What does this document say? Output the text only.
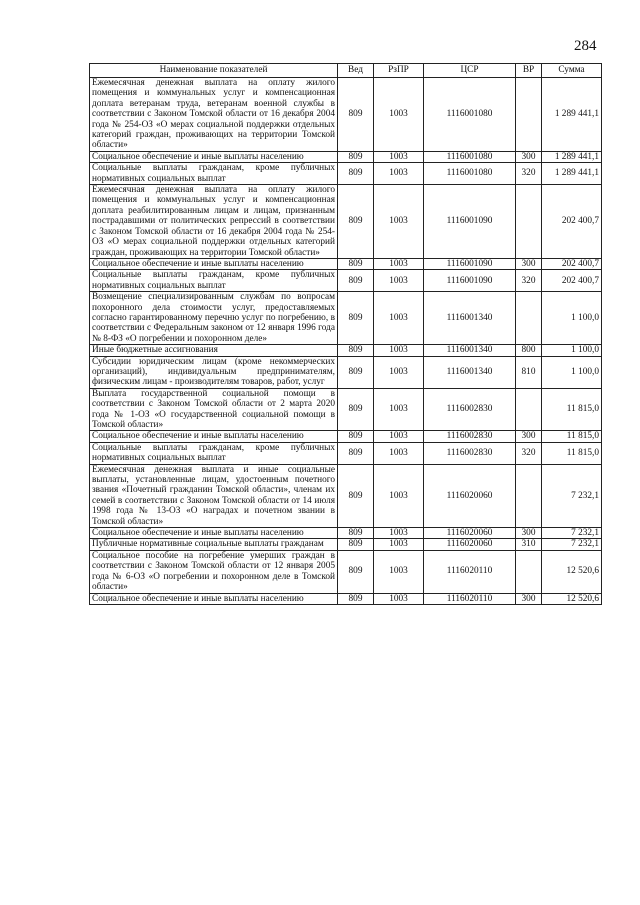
284
Наименование показателей	Вед	РзПР	ЦСР	ВР	Сумма
Ежемесячная денежная выплата на оплату жилого помещения и коммунальных услуг и компенсационная доплата ветеранам труда, ветеранам военной службы в соответствии с Законом Томской области от 16 декабря 2004 года № 254-ОЗ «О мерах социальной поддержки отдельных категорий граждан, проживающих на территории Томской области»	809	1003	1116001080		1 289 441,1
Социальное обеспечение и иные выплаты населению	809	1003	1116001080	300	1 289 441,1
Социальные выплаты гражданам, кроме публичных нормативных социальных выплат	809	1003	1116001080	320	1 289 441,1
Ежемесячная денежная выплата на оплату жилого помещения и коммунальных услуг и компенсационная доплата реабилитированным лицам и лицам, признанным пострадавшими от политических репрессий в соответствии с Законом Томской области от 16 декабря 2004 года № 254-ОЗ «О мерах социальной поддержки отдельных категорий граждан, проживающих на территории Томской области»	809	1003	1116001090		202 400,7
Социальное обеспечение и иные выплаты населению	809	1003	1116001090	300	202 400,7
Социальные выплаты гражданам, кроме публичных нормативных социальных выплат	809	1003	1116001090	320	202 400,7
Возмещение специализированным службам по вопросам похоронного дела стоимости услуг, предоставляемых согласно гарантированному перечню услуг по погребению, в соответствии с Федеральным законом от 12 января 1996 года № 8-ФЗ «О погребении и похоронном деле»	809	1003	1116001340		1 100,0
Иные бюджетные ассигнования	809	1003	1116001340	800	1 100,0
Субсидии юридическим лицам (кроме некоммерческих организаций), индивидуальным предпринимателям, физическим лицам - производителям товаров, работ, услуг	809	1003	1116001340	810	1 100,0
Выплата государственной социальной помощи в соответствии с Законом Томской области от 2 марта 2020 года № 1-ОЗ «О государственной социальной помощи в Томской области»	809	1003	1116002830		11 815,0
Социальное обеспечение и иные выплаты населению	809	1003	1116002830	300	11 815,0
Социальные выплаты гражданам, кроме публичных нормативных социальных выплат	809	1003	1116002830	320	11 815,0
Ежемесячная денежная выплата и иные социальные выплаты, установленные лицам, удостоенным почетного звания «Почетный гражданин Томской области», членам их семей в соответствии с Законом Томской области от 14 июля 1998 года № 13-ОЗ «О наградах и почетном звании в Томской области»	809	1003	1116020060		7 232,1
Социальное обеспечение и иные выплаты населению	809	1003	1116020060	300	7 232,1
Публичные нормативные социальные выплаты гражданам	809	1003	1116020060	310	7 232,1
Социальное пособие на погребение умерших граждан в соответствии с Законом Томской области от 12 января 2005 года № 6-ОЗ «О погребении и похоронном деле в Томской области»	809	1003	1116020110		12 520,6
Социальное обеспечение и иные выплаты населению	809	1003	1116020110	300	12 520,6
